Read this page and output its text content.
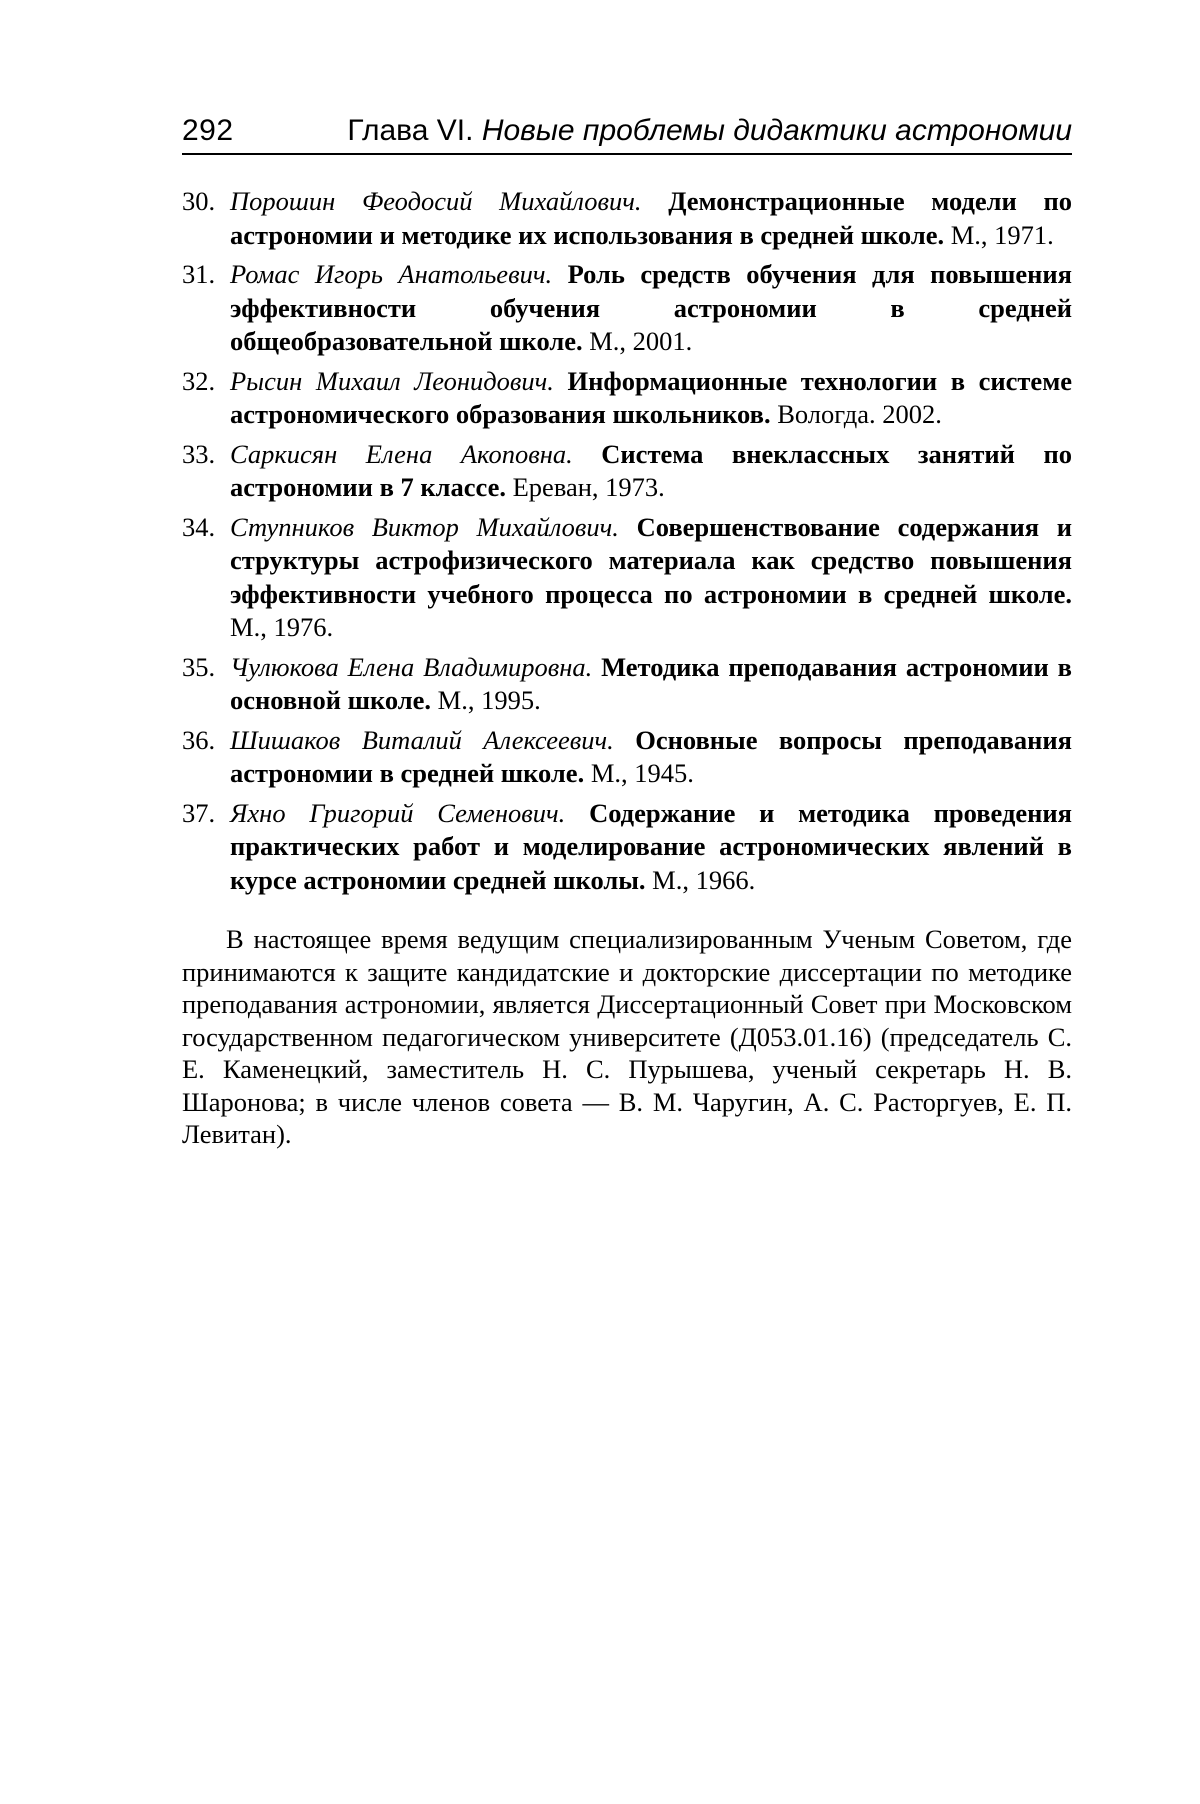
292	Глава VI. Новые проблемы дидактики астрономии
30. Порошин Феодосий Михайлович. Демонстрационные модели по астрономии и методике их использования в средней школе. М., 1971.
31. Ромас Игорь Анатольевич. Роль средств обучения для повышения эффективности обучения астрономии в средней общеобразовательной школе. М., 2001.
32. Рысин Михаил Леонидович. Информационные технологии в системе астрономического образования школьников. Вологда. 2002.
33. Саркисян Елена Акоповна. Система внеклассных занятий по астрономии в 7 классе. Ереван, 1973.
34. Ступников Виктор Михайлович. Совершенствование содержания и структуры астрофизического материала как средство повышения эффективности учебного процесса по астрономии в средней школе. М., 1976.
35. Чулюкова Елена Владимировна. Методика преподавания астрономии в основной школе. М., 1995.
36. Шишаков Виталий Алексеевич. Основные вопросы преподавания астрономии в средней школе. М., 1945.
37. Яхно Григорий Семенович. Содержание и методика проведения практических работ и моделирование астрономических явлений в курсе астрономии средней школы. М., 1966.

В настоящее время ведущим специализированным Ученым Советом, где принимаются к защите кандидатские и докторские диссертации по методике преподавания астрономии, является Диссертационный Совет при Московском государственном педагогическом университете (Д053.01.16) (председатель С. Е. Каменецкий, заместитель Н. С. Пурышева, ученый секретарь Н. В. Шаронова; в числе членов совета — В. М. Чаругин, А. С. Расторгуев, Е. П. Левитан).
